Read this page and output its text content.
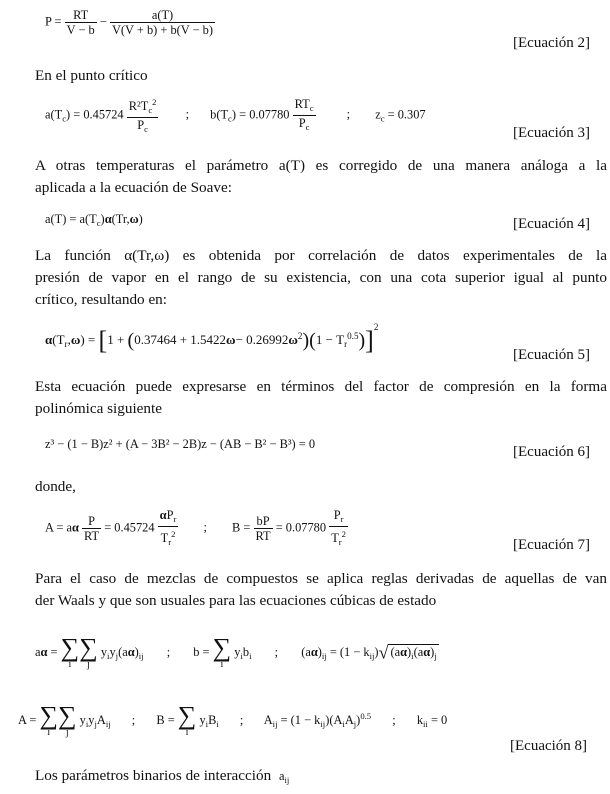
$P = \frac{RT}{V - b} - \frac{a(T)}{V(V + b) + b(V - b)}$
[Ecuación 2]
En el punto crítico
$a(T_c) = 0.45724 \frac{R^2T_c^2}{P_c}$ ; $b(T_c) = 0.07780 \frac{RT_c}{P_c}$	; $z_c = 0.307$
[Ecuación 3]
A otras temperaturas el parámetro a(T) es corregido de una manera análoga a la
aplicada a la ecuación de Soave:
$a(T) = a(T_c)\alpha(Tr,\omega)$	[Ecuación 4]
La función α(Tr,ω) es obtenida por correlación de datos experimentales de la
presión de vapor en el rango de su existencia, con una cota superior igual al punto
crítico, resultando en:
$\alpha(T_r,\omega) = [1 + (0.37464 + 1.5422\omega- 0.26992\omega^2)(1 - T_r^{0.5})]^2$
[Ecuación 5]
Esta ecuación puede expresarse en términos del factor de compresión en la forma
polinómica siguiente
z³ − (1 − B)z² + (A − 3B² − 2B)z − (AB − B² − B³) = 0	[Ecuación 6]
donde,
A = aα $\frac{P}{RT} = 0.45724 \frac{\alpha P_r}{T_r^2}$ ; $B = \frac{bP}{RT} = 0.07780 \frac{P_r}{T_r^2}$	[Ecuación 7]
Para el caso de mezclas de compuestos se aplica reglas derivadas de aquellas de van
der Waals y que son usuales para las ecuaciones cúbicas de estado
aα = ∑
i
∑
j
$y_iy_j(a\alpha)_{ij}$ ; b = ∑
i
$y_ib_i$ ; $(a\alpha)_{ij} = (1 - k_{ij})√$ $(a\alpha)_i(a\alpha)_j$
A = ∑
i
∑
j
$y_iy_jA_{ij}$ ; B = ∑
i
$y_iB_i$ ; $A_{ij} = (1 - k_{ij})(A_iA_j)^{0.5}$ ; $k_{ii} = 0$
[Ecuación 8]
Los parámetros binarios de interacción $a_{ij}$
